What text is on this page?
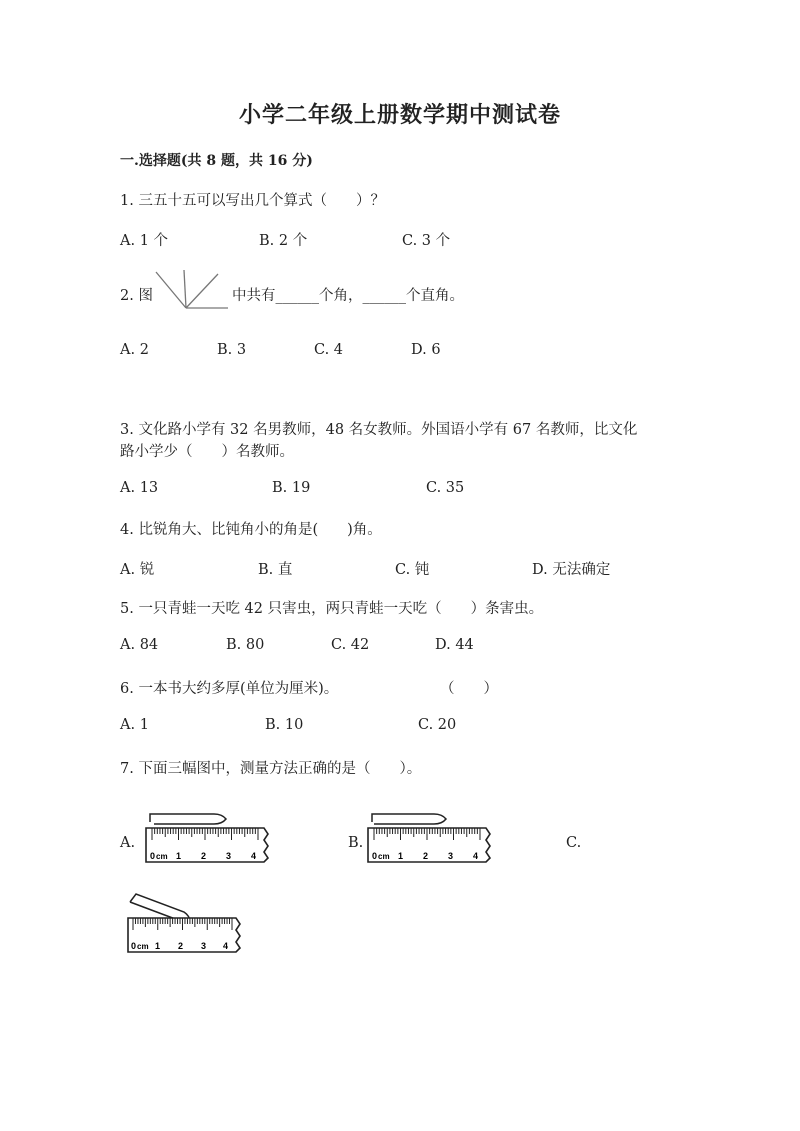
小学二年级上册数学期中测试卷
一.选择题(共 8 题，共 16 分)
1. 三五十五可以写出几个算式（　　）？
A. 1 个	B. 2 个	C. 3 个
2. 图	中共有______个角，______个直角。
A. 2	B. 3	C. 4	D. 6
3. 文化路小学有 32 名男教师，48 名女教师。外国语小学有 67 名教师，比文化
路小学少（　　）名教师。
A. 13	B. 19	C. 35
4. 比锐角大、比钝角小的角是(　　)角。
A. 锐	B. 直	C. 钝	D. 无法确定
5. 一只青蛙一天吃 42 只害虫，两只青蛙一天吃（　　）条害虫。
A. 84	B. 80	C. 42	D. 44
6. 一本书大约多厚(单位为厘米)。	（　　）
A. 1	B. 10	C. 20
7. 下面三幅图中，测量方法正确的是（　　）。
A.	B.	C.
0 cm 1 2 3 4	0 cm 1 2 3 4
0 cm 1 2 3 4
